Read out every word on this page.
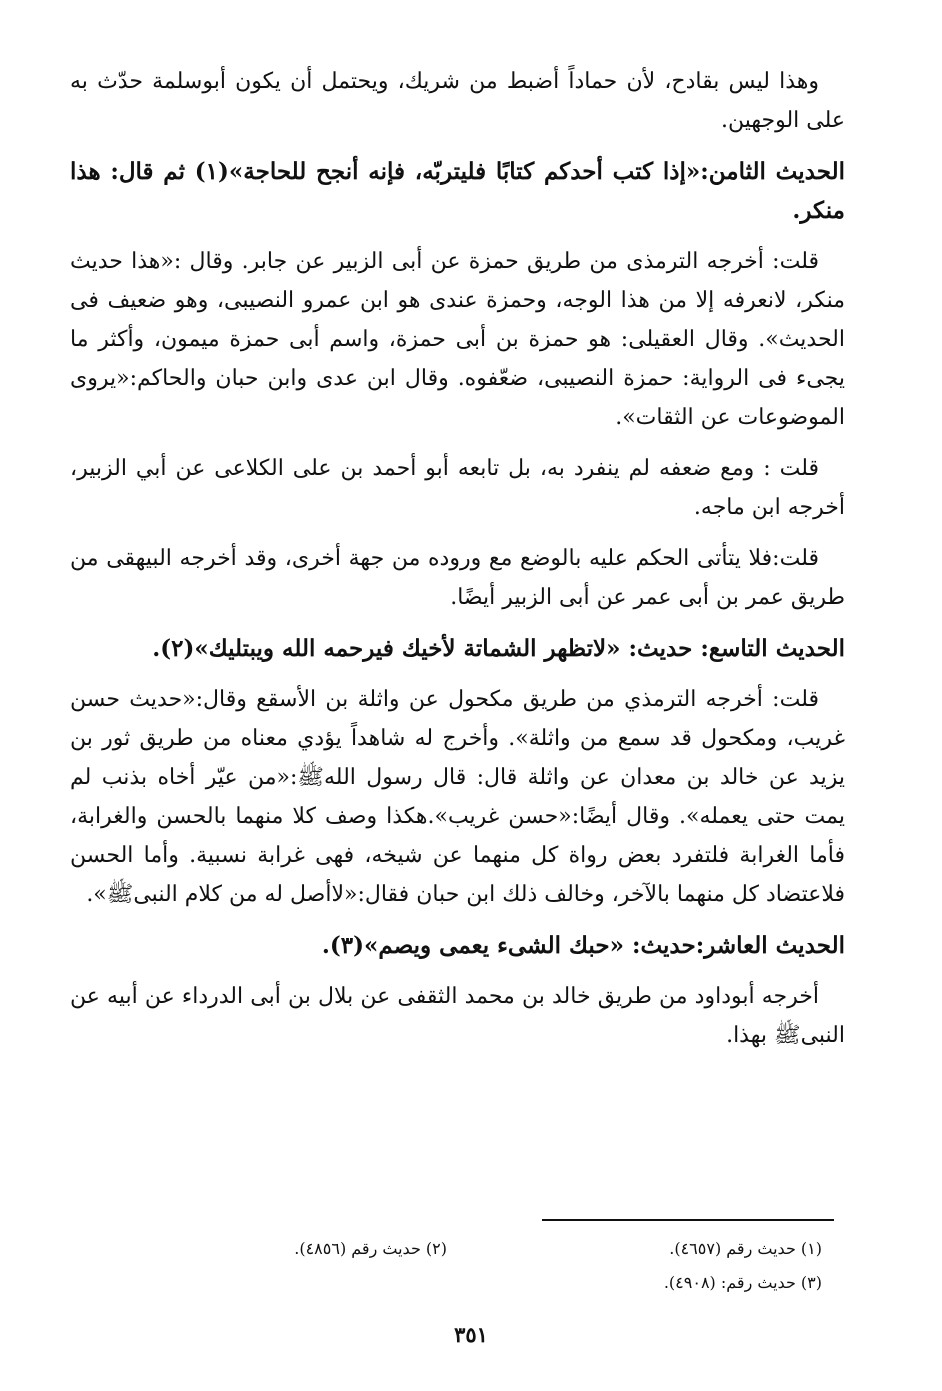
وهذا ليس بقادح، لأن حماداً أضبط من شريك، ويحتمل أن يكون أبوسلمة حدّث به على الوجهين.

الحديث الثامن:«إذا كتب أحدكم كتابًا فليتربّه، فإنه أنجح للحاجة»(١) ثم قال: هذا منكر.

قلت: أخرجه الترمذى من طريق حمزة عن أبى الزبير عن جابر. وقال :«هذا حديث منكر، لانعرفه إلا من هذا الوجه، وحمزة عندى هو ابن عمرو النصيبى، وهو ضعيف فى الحديث». وقال العقيلى: هو حمزة بن أبى حمزة، واسم أبى حمزة ميمون، وأكثر ما يجىء فى الرواية: حمزة النصيبى، ضعّفوه. وقال ابن عدى وابن حبان والحاكم:«يروى الموضوعات عن الثقات».

قلت : ومع ضعفه لم ينفرد به، بل تابعه أبو أحمد بن على الكلاعى عن أبي الزبير، أخرجه ابن ماجه.

قلت:فلا يتأتى الحكم عليه بالوضع مع وروده من جهة أخرى، وقد أخرجه البيهقى من طريق عمر بن أبى عمر عن أبى الزبير أيضًا.

الحديث التاسع: حديث: «لاتظهر الشماتة لأخيك فيرحمه الله ويبتليك»(٢).

قلت: أخرجه الترمذي من طريق مكحول عن واثلة بن الأسقع وقال:«حديث حسن غريب، ومكحول قد سمع من واثلة». وأخرج له شاهداً يؤدي معناه من طريق ثور بن يزيد عن خالد بن معدان عن واثلة قال: قال رسول اللهﷺ:«من عيّر أخاه بذنب لم يمت حتى يعمله». وقال أيضًا:«حسن غريب».هكذا وصف كلا منهما بالحسن والغرابة، فأما الغرابة فلتفرد بعض رواة كل منهما عن شيخه، فهى غرابة نسبية. وأما الحسن فلاعتضاد كل منهما بالآخر، وخالف ذلك ابن حبان فقال:«لاأصل له من كلام النبىﷺ».

الحديث العاشر:حديث: «حبك الشىء يعمى ويصم»(٣).

أخرجه أبوداود من طريق خالد بن محمد الثقفى عن بلال بن أبى الدرداء عن أبيه عن النبىﷺ بهذا.

(١) حديث رقم (٤٦٥٧).
(٢) حديث رقم (٤٨٥٦).
(٣) حديث رقم: (٤٩٠٨).
٣٥١
